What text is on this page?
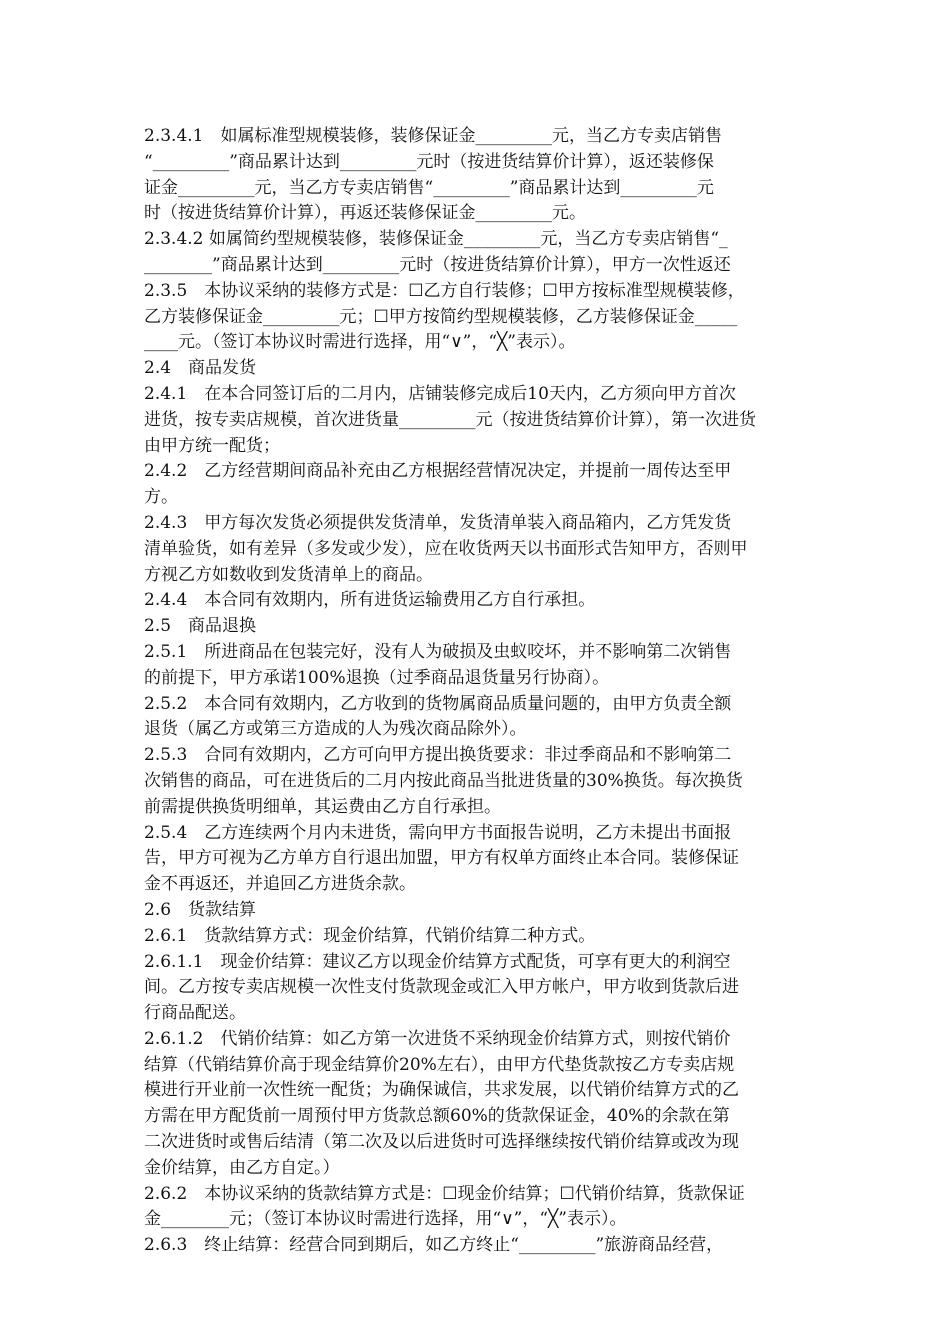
2.3.4.1　如属标准型规模装修，装修保证金_________元，当乙方专卖店销售
“_________”商品累计达到_________元时（按进货结算价计算），返还装修保
证金_________元，当乙方专卖店销售“_________”商品累计达到_________元
时（按进货结算价计算），再返还装修保证金_________元。
2.3.4.2 如属简约型规模装修，装修保证金_________元，当乙方专卖店销售“_
________”商品累计达到_________元时（按进货结算价计算），甲方一次性返还
2.3.5　本协议采纳的装修方式是：☐乙方自行装修；☐甲方按标准型规模装修，
乙方装修保证金_________元；☐甲方按简约型规模装修，乙方装修保证金_____
____元。（签订本协议时需进行选择，用“∨”，“╳”表示）。
2.4　商品发货
2.4.1　在本合同签订后的二月内，店铺装修完成后10天内，乙方须向甲方首次
进货，按专卖店规模，首次进货量_________元（按进货结算价计算），第一次进货
由甲方统一配货；
2.4.2　乙方经营期间商品补充由乙方根据经营情况决定，并提前一周传达至甲
方。
2.4.3　甲方每次发货必须提供发货清单，发货清单装入商品箱内，乙方凭发货
清单验货，如有差异（多发或少发），应在收货两天以书面形式告知甲方，否则甲
方视乙方如数收到发货清单上的商品。
2.4.4　本合同有效期内，所有进货运输费用乙方自行承担。
2.5　商品退换
2.5.1　所进商品在包装完好，没有人为破损及虫蚁咬坏，并不影响第二次销售
的前提下，甲方承诺100%退换（过季商品退货量另行协商）。
2.5.2　本合同有效期内，乙方收到的货物属商品质量问题的，由甲方负责全额
退货（属乙方或第三方造成的人为残次商品除外）。
2.5.3　合同有效期内，乙方可向甲方提出换货要求：非过季商品和不影响第二
次销售的商品，可在进货后的二月内按此商品当批进货量的30%换货。每次换货
前需提供换货明细单，其运费由乙方自行承担。
2.5.4　乙方连续两个月内未进货，需向甲方书面报告说明，乙方未提出书面报
告，甲方可视为乙方单方自行退出加盟，甲方有权单方面终止本合同。装修保证
金不再返还，并追回乙方进货余款。
2.6　货款结算
2.6.1　货款结算方式：现金价结算，代销价结算二种方式。
2.6.1.1　现金价结算：建议乙方以现金价结算方式配货，可享有更大的利润空
间。乙方按专卖店规模一次性支付货款现金或汇入甲方帐户，甲方收到货款后进
行商品配送。
2.6.1.2　代销价结算：如乙方第一次进货不采纳现金价结算方式，则按代销价
结算（代销结算价高于现金结算价20%左右），由甲方代垫货款按乙方专卖店规
模进行开业前一次性统一配货；为确保诚信，共求发展，以代销价结算方式的乙
方需在甲方配货前一周预付甲方货款总额60%的货款保证金，40%的余款在第
二次进货时或售后结清（第二次及以后进货时可选择继续按代销价结算或改为现
金价结算，由乙方自定。）
2.6.2　本协议采纳的货款结算方式是：☐现金价结算；☐代销价结算，货款保证
金________元；（签订本协议时需进行选择，用“∨”，“╳”表示）。
2.6.3　终止结算：经营合同到期后，如乙方终止“_________”旅游商品经营，
